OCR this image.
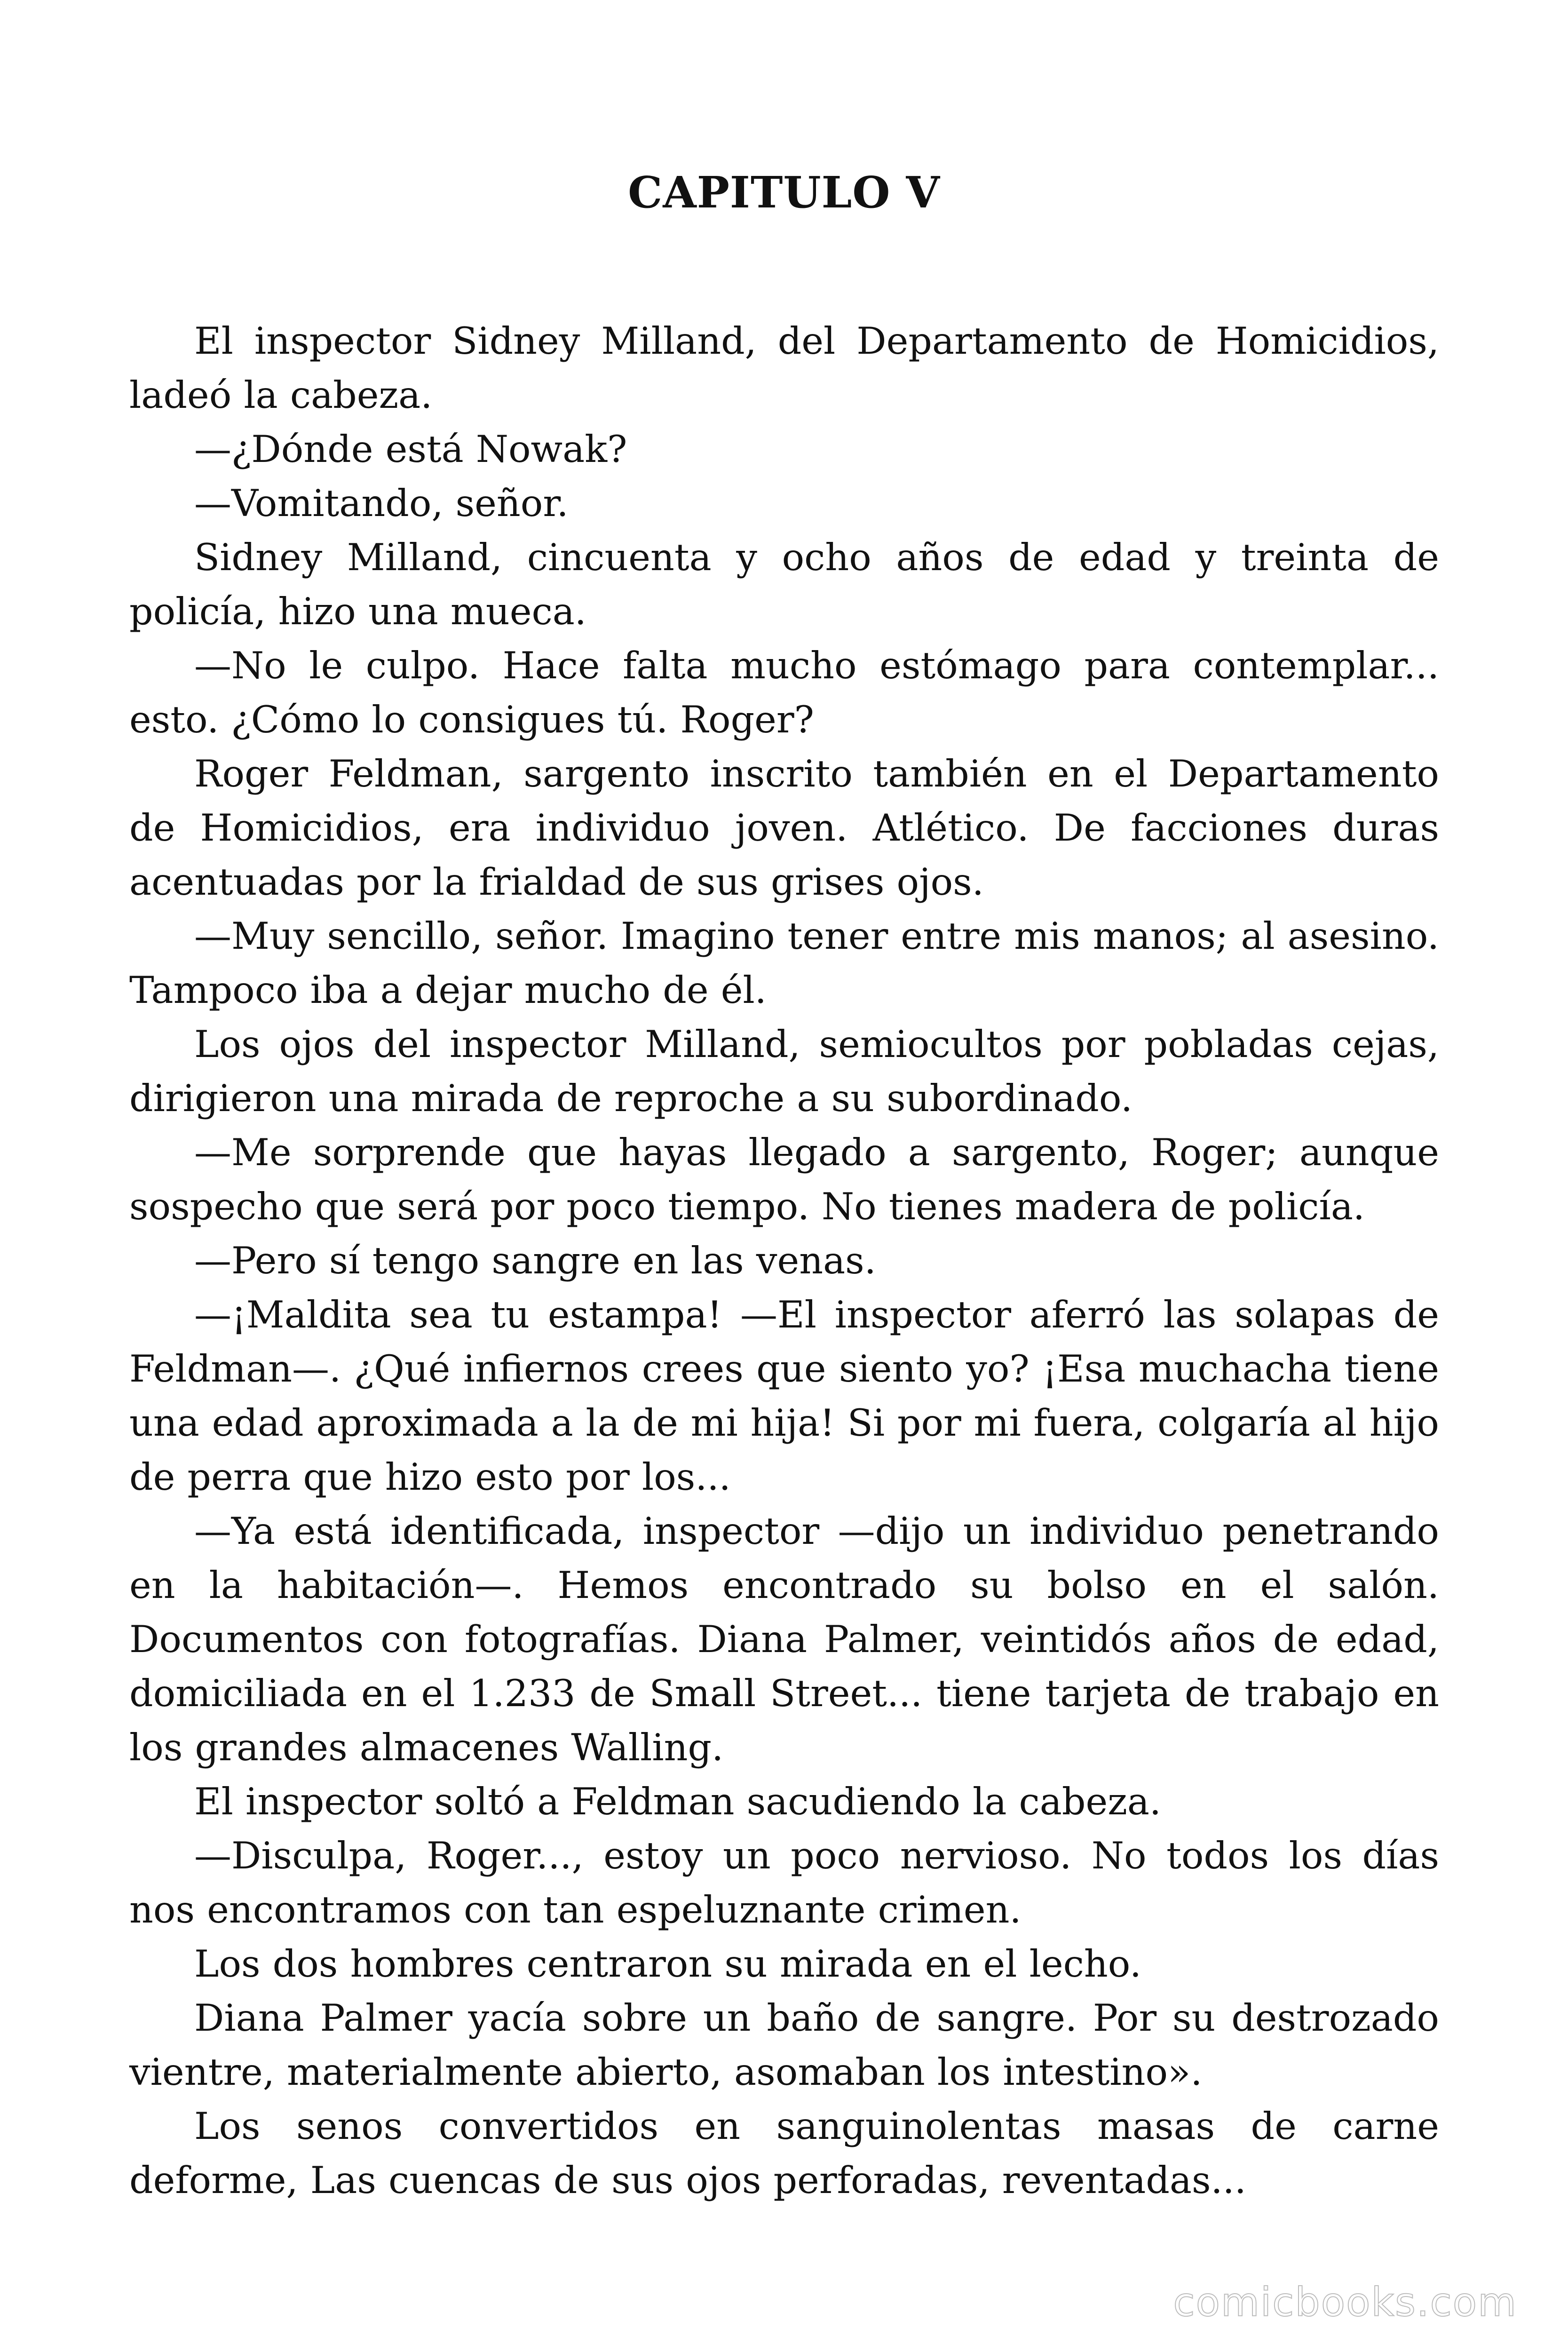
CAPITULO V

El inspector Sidney Milland, del Departamento de Homicidios, ladeó la cabeza.

—¿Dónde está Nowak?

—Vomitando, señor.

Sidney Milland, cincuenta y ocho años de edad y treinta de policía, hizo una mueca.

—No le culpo. Hace falta mucho estómago para contemplar... esto. ¿Cómo lo consigues tú. Roger?

Roger Feldman, sargento inscrito también en el Departamento de Homicidios, era individuo joven. Atlético. De facciones duras acentuadas por la frialdad de sus grises ojos.

—Muy sencillo, señor. Imagino tener entre mis manos; al asesino. Tampoco iba a dejar mucho de él.

Los ojos del inspector Milland, semiocultos por pobladas cejas, dirigieron una mirada de reproche a su subordinado.

—Me sorprende que hayas llegado a sargento, Roger; aunque sospecho que será por poco tiempo. No tienes madera de policía.

—Pero sí tengo sangre en las venas.

—¡Maldita sea tu estampa! —El inspector aferró las solapas de Feldman—. ¿Qué infiernos crees que siento yo? ¡Esa muchacha tiene una edad aproximada a la de mi hija! Si por mi fuera, colgaría al hijo de perra que hizo esto por los...

—Ya está identificada, inspector —dijo un individuo penetrando en la habitación—. Hemos encontrado su bolso en el salón. Documentos con fotografías. Diana Palmer, veintidós años de edad, domiciliada en el 1.233 de Small Street... tiene tarjeta de trabajo en los grandes almacenes Walling.

El inspector soltó a Feldman sacudiendo la cabeza.

—Disculpa, Roger..., estoy un poco nervioso. No todos los días nos encontramos con tan espeluznante crimen.

Los dos hombres centraron su mirada en el lecho.

Diana Palmer yacía sobre un baño de sangre. Por su destrozado vientre, materialmente abierto, asomaban los intestino».

Los senos convertidos en sanguinolentas masas de carne deforme, Las cuencas de sus ojos perforadas, reventadas...

comicbooks.com
